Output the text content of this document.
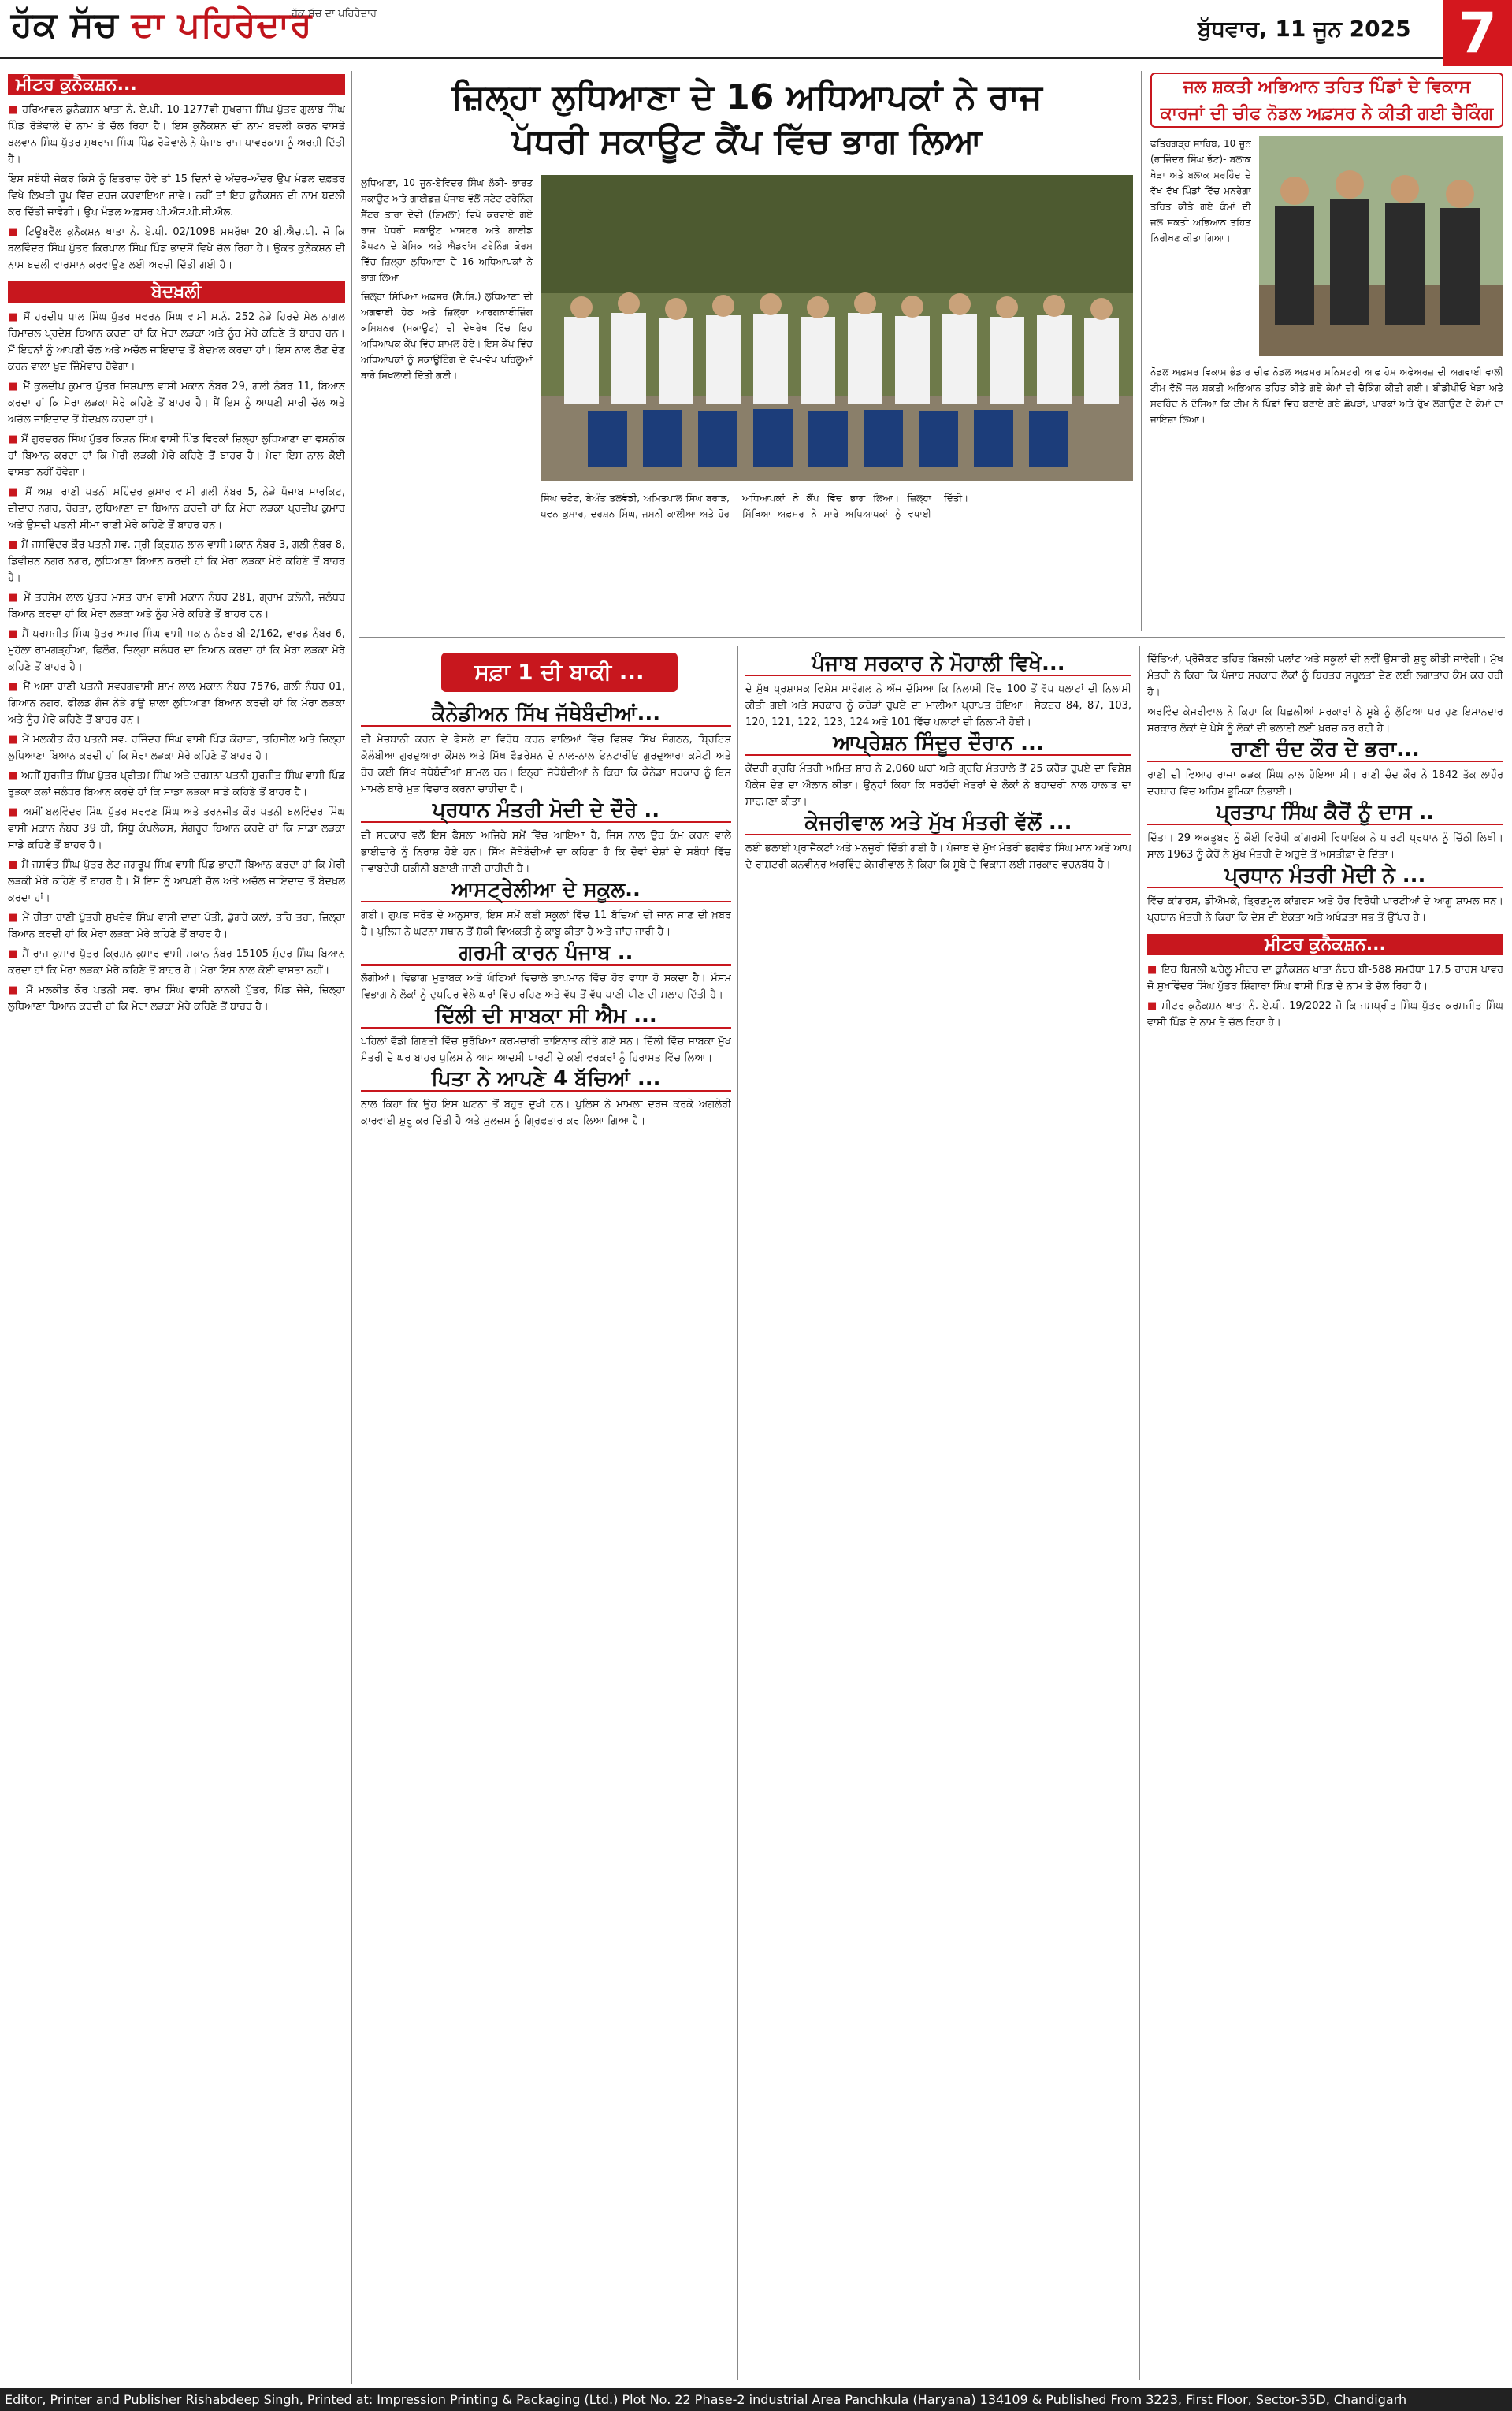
ਹੱਕ ਸੱਚ ਦਾ ਪਹਿਰੇਦਾਰ
ਹੱਕ ਸੱਚ ਦਾ ਪਹਿਰੇਦਾਰ
ਬੁੱਧਵਾਰ, 11 ਜੂਨ 2025 7
ਮੀਟਰ ਕੁਨੈਕਸ਼ਨ...

■ ਹਰਿਆਵਲ ਕੁਨੈਕਸ਼ਨ ਖਾਤਾ ਨੰ. ਏ.ਪੀ. 10-1277ਵੀ ਸੁਖਰਾਜ ਸਿੰਘ ਪੁੱਤਰ ਗੁਲਾਬ ਸਿੰਘ ਪਿੰਡ ਰੋੜੇਵਾਲੇ ਦੇ ਨਾਮ ਤੇ ਚੱਲ ਰਿਹਾ ਹੈ। ਇਸ ਕੁਨੈਕਸ਼ਨ ਦੀ ਨਾਮ ਬਦਲੀ ਕਰਨ ਵਾਸਤੇ ਬਲਵਾਨ ਸਿੰਘ ਪੁੱਤਰ ਸੁਖਰਾਜ ਸਿੰਘ ਪਿੰਡ ਰੋੜੇਵਾਲੇ ਨੇ ਪੰਜਾਬ ਰਾਜ ਪਾਵਰਕਾਮ ਨੂੰ ਅਰਜ਼ੀ ਦਿੱਤੀ ਹੈ।

ਇਸ ਸਬੰਧੀ ਜੇਕਰ ਕਿਸੇ ਨੂੰ ਇਤਰਾਜ਼ ਹੋਵੇ ਤਾਂ 15 ਦਿਨਾਂ ਦੇ ਅੰਦਰ-ਅੰਦਰ ਉਪ ਮੰਡਲ ਦਫ਼ਤਰ ਵਿਖੇ ਲਿਖਤੀ ਰੂਪ ਵਿੱਚ ਦਰਜ ਕਰਵਾਇਆ ਜਾਵੇ। ਨਹੀਂ ਤਾਂ ਇਹ ਕੁਨੈਕਸ਼ਨ ਦੀ ਨਾਮ ਬਦਲੀ ਕਰ ਦਿੱਤੀ ਜਾਵੇਗੀ। ਉਪ ਮੰਡਲ ਅਫ਼ਸਰ ਪੀ.ਐਸ.ਪੀ.ਸੀ.ਐਲ.

■ ਟਿਊਬਵੈੱਲ ਕੁਨੈਕਸ਼ਨ ਖਾਤਾ ਨੰ. ਏ.ਪੀ. 02/1098 ਸਮਰੱਥਾ 20 ਬੀ.ਐਚ.ਪੀ. ਜੋ ਕਿ ਬਲਵਿੰਦਰ ਸਿੰਘ ਪੁੱਤਰ ਕਿਰਪਾਲ ਸਿੰਘ ਪਿੰਡ ਭਾਦਸੋਂ ਵਿਖੇ ਚੱਲ ਰਿਹਾ ਹੈ। ਉਕਤ ਕੁਨੈਕਸ਼ਨ ਦੀ ਨਾਮ ਬਦਲੀ ਵਾਰਸਾਨ ਕਰਵਾਉਣ ਲਈ ਅਰਜ਼ੀ ਦਿੱਤੀ ਗਈ ਹੈ।

ਬੇਦਖ਼ਲੀ

■ ਮੈਂ ਹਰਦੀਪ ਪਾਲ ਸਿੰਘ ਪੁੱਤਰ ਸਵਰਨ ਸਿੰਘ ਵਾਸੀ ਮ.ਨੰ. 252 ਨੇੜੇ ਹਿਰਦੇ ਮੇਲ ਨਾਗਲ ਹਿਮਾਚਲ ਪ੍ਰਦੇਸ਼ ਬਿਆਨ ਕਰਦਾ ਹਾਂ ਕਿ ਮੇਰਾ ਲੜਕਾ ਅਤੇ ਨੂੰਹ ਮੇਰੇ ਕਹਿਣੇ ਤੋਂ ਬਾਹਰ ਹਨ। ਮੈਂ ਇਹਨਾਂ ਨੂੰ ਆਪਣੀ ਚੱਲ ਅਤੇ ਅਚੱਲ ਜਾਇਦਾਦ ਤੋਂ ਬੇਦਖ਼ਲ ਕਰਦਾ ਹਾਂ। ਇਸ ਨਾਲ ਲੈਣ ਦੇਣ ਕਰਨ ਵਾਲਾ ਖ਼ੁਦ ਜ਼ਿੰਮੇਵਾਰ ਹੋਵੇਗਾ।

■ ਮੈਂ ਕੁਲਦੀਪ ਕੁਮਾਰ ਪੁੱਤਰ ਸਿਸ਼ਪਾਲ ਵਾਸੀ ਮਕਾਨ ਨੰਬਰ 29, ਗਲੀ ਨੰਬਰ 11, ਬਿਆਨ ਕਰਦਾ ਹਾਂ ਕਿ ਮੇਰਾ ਲੜਕਾ ਮੇਰੇ ਕਹਿਣੇ ਤੋਂ ਬਾਹਰ ਹੈ। ਮੈਂ ਇਸ ਨੂੰ ਆਪਣੀ ਸਾਰੀ ਚੱਲ ਅਤੇ ਅਚੱਲ ਜਾਇਦਾਦ ਤੋਂ ਬੇਦਖ਼ਲ ਕਰਦਾ ਹਾਂ।

■ ਮੈਂ ਗੁਰਚਰਨ ਸਿੰਘ ਪੁੱਤਰ ਕਿਸ਼ਨ ਸਿੰਘ ਵਾਸੀ ਪਿੰਡ ਵਿਰਕਾਂ ਜ਼ਿਲ੍ਹਾ ਲੁਧਿਆਣਾ ਦਾ ਵਸਨੀਕ ਹਾਂ ਬਿਆਨ ਕਰਦਾ ਹਾਂ ਕਿ ਮੇਰੀ ਲੜਕੀ ਮੇਰੇ ਕਹਿਣੇ ਤੋਂ ਬਾਹਰ ਹੈ। ਮੇਰਾ ਇਸ ਨਾਲ ਕੋਈ ਵਾਸਤਾ ਨਹੀਂ ਹੋਵੇਗਾ।

■ ਮੈਂ ਅਸ਼ਾ ਰਾਣੀ ਪਤਨੀ ਮਹਿੰਦਰ ਕੁਮਾਰ ਵਾਸੀ ਗਲੀ ਨੰਬਰ 5, ਨੇੜੇ ਪੰਜਾਬ ਮਾਰਕਿਟ, ਦੀਦਾਰ ਨਗਰ, ਰੋਹਤਾ, ਲੁਧਿਆਣਾ ਦਾ ਬਿਆਨ ਕਰਦੀ ਹਾਂ ਕਿ ਮੇਰਾ ਲੜਕਾ ਪ੍ਰਦੀਪ ਕੁਮਾਰ ਅਤੇ ਉਸਦੀ ਪਤਨੀ ਸੀਮਾ ਰਾਣੀ ਮੇਰੇ ਕਹਿਣੇ ਤੋਂ ਬਾਹਰ ਹਨ।

■ ਮੈਂ ਜਸਵਿੰਦਰ ਕੌਰ ਪਤਨੀ ਸਵ. ਸ੍ਰੀ ਕ੍ਰਿਸ਼ਨ ਲਾਲ ਵਾਸੀ ਮਕਾਨ ਨੰਬਰ 3, ਗਲੀ ਨੰਬਰ 8, ਡਿਵੀਜ਼ਨ ਨਗਰ ਨਗਰ, ਲੁਧਿਆਣਾ ਬਿਆਨ ਕਰਦੀ ਹਾਂ ਕਿ ਮੇਰਾ ਲੜਕਾ ਮੇਰੇ ਕਹਿਣੇ ਤੋਂ ਬਾਹਰ ਹੈ।

■ ਮੈਂ ਤਰਸੇਮ ਲਾਲ ਪੁੱਤਰ ਮਸਤ ਰਾਮ ਵਾਸੀ ਮਕਾਨ ਨੰਬਰ 281, ਗ੍ਰਾਮ ਕਲੋਨੀ, ਜਲੰਧਰ ਬਿਆਨ ਕਰਦਾ ਹਾਂ ਕਿ ਮੇਰਾ ਲੜਕਾ ਅਤੇ ਨੂੰਹ ਮੇਰੇ ਕਹਿਣੇ ਤੋਂ ਬਾਹਰ ਹਨ।

■ ਮੈਂ ਪਰਮਜੀਤ ਸਿੰਘ ਪੁੱਤਰ ਅਮਰ ਸਿੰਘ ਵਾਸੀ ਮਕਾਨ ਨੰਬਰ ਬੀ-2/162, ਵਾਰਡ ਨੰਬਰ 6, ਮੁਹੱਲਾ ਰਾਮਗੜ੍ਹੀਆ, ਫਿਲੌਰ, ਜ਼ਿਲ੍ਹਾ ਜਲੰਧਰ ਦਾ ਬਿਆਨ ਕਰਦਾ ਹਾਂ ਕਿ ਮੇਰਾ ਲੜਕਾ ਮੇਰੇ ਕਹਿਣੇ ਤੋਂ ਬਾਹਰ ਹੈ।

■ ਮੈਂ ਅਸ਼ਾ ਰਾਣੀ ਪਤਨੀ ਸਵਰਗਵਾਸੀ ਸ਼ਾਮ ਲਾਲ ਮਕਾਨ ਨੰਬਰ 7576, ਗਲੀ ਨੰਬਰ 01, ਗਿਆਨ ਨਗਰ, ਫੀਲਡ ਗੰਜ ਨੇੜੇ ਗਊ ਸ਼ਾਲਾ ਲੁਧਿਆਣਾ ਬਿਆਨ ਕਰਦੀ ਹਾਂ ਕਿ ਮੇਰਾ ਲੜਕਾ ਅਤੇ ਨੂੰਹ ਮੇਰੇ ਕਹਿਣੇ ਤੋਂ ਬਾਹਰ ਹਨ।

■ ਮੈਂ ਮਲਕੀਤ ਕੌਰ ਪਤਨੀ ਸਵ. ਰਜਿੰਦਰ ਸਿੰਘ ਵਾਸੀ ਪਿੰਡ ਕੋਹਾੜਾ, ਤਹਿਸੀਲ ਅਤੇ ਜ਼ਿਲ੍ਹਾ ਲੁਧਿਆਣਾ ਬਿਆਨ ਕਰਦੀ ਹਾਂ ਕਿ ਮੇਰਾ ਲੜਕਾ ਮੇਰੇ ਕਹਿਣੇ ਤੋਂ ਬਾਹਰ ਹੈ।

■ ਅਸੀਂ ਸੁਰਜੀਤ ਸਿੰਘ ਪੁੱਤਰ ਪ੍ਰੀਤਮ ਸਿੰਘ ਅਤੇ ਦਰਸ਼ਨਾ ਪਤਨੀ ਸੁਰਜੀਤ ਸਿੰਘ ਵਾਸੀ ਪਿੰਡ ਰੁੜਕਾ ਕਲਾਂ ਜਲੰਧਰ ਬਿਆਨ ਕਰਦੇ ਹਾਂ ਕਿ ਸਾਡਾ ਲੜਕਾ ਸਾਡੇ ਕਹਿਣੇ ਤੋਂ ਬਾਹਰ ਹੈ।

■ ਅਸੀਂ ਬਲਵਿੰਦਰ ਸਿੰਘ ਪੁੱਤਰ ਸਰਵਣ ਸਿੰਘ ਅਤੇ ਤਰਨਜੀਤ ਕੌਰ ਪਤਨੀ ਬਲਵਿੰਦਰ ਸਿੰਘ ਵਾਸੀ ਮਕਾਨ ਨੰਬਰ 39 ਬੀ, ਸਿੱਧੂ ਕੰਪਲੈਕਸ, ਸੰਗਰੂਰ ਬਿਆਨ ਕਰਦੇ ਹਾਂ ਕਿ ਸਾਡਾ ਲੜਕਾ ਸਾਡੇ ਕਹਿਣੇ ਤੋਂ ਬਾਹਰ ਹੈ।

■ ਮੈਂ ਜਸਵੰਤ ਸਿੰਘ ਪੁੱਤਰ ਲੇਟ ਜਗਰੂਪ ਸਿੰਘ ਵਾਸੀ ਪਿੰਡ ਭਾਦਸੋਂ ਬਿਆਨ ਕਰਦਾ ਹਾਂ ਕਿ ਮੇਰੀ ਲੜਕੀ ਮੇਰੇ ਕਹਿਣੇ ਤੋਂ ਬਾਹਰ ਹੈ। ਮੈਂ ਇਸ ਨੂੰ ਆਪਣੀ ਚੱਲ ਅਤੇ ਅਚੱਲ ਜਾਇਦਾਦ ਤੋਂ ਬੇਦਖ਼ਲ ਕਰਦਾ ਹਾਂ।

■ ਮੈਂ ਰੀਤਾ ਰਾਣੀ ਪੁੱਤਰੀ ਸੁਖਦੇਵ ਸਿੰਘ ਵਾਸੀ ਦਾਦਾ ਪੋਤੀ, ਡੁੱਗਰੇ ਕਲਾਂ, ਤਹਿ ਤਹਾ, ਜ਼ਿਲ੍ਹਾ ਬਿਆਨ ਕਰਦੀ ਹਾਂ ਕਿ ਮੇਰਾ ਲੜਕਾ ਮੇਰੇ ਕਹਿਣੇ ਤੋਂ ਬਾਹਰ ਹੈ।

■ ਮੈਂ ਰਾਜ ਕੁਮਾਰ ਪੁੱਤਰ ਕ੍ਰਿਸ਼ਨ ਕੁਮਾਰ ਵਾਸੀ ਮਕਾਨ ਨੰਬਰ 15105 ਸੁੰਦਰ ਸਿੰਘ ਬਿਆਨ ਕਰਦਾ ਹਾਂ ਕਿ ਮੇਰਾ ਲੜਕਾ ਮੇਰੇ ਕਹਿਣੇ ਤੋਂ ਬਾਹਰ ਹੈ। ਮੇਰਾ ਇਸ ਨਾਲ ਕੋਈ ਵਾਸਤਾ ਨਹੀਂ।

■ ਮੈਂ ਮਲਕੀਤ ਕੌਰ ਪਤਨੀ ਸਵ. ਰਾਮ ਸਿੰਘ ਵਾਸੀ ਨਾਨਕੀ ਪੁੱਤਰ, ਪਿੰਡ ਜੇਜੇ, ਜ਼ਿਲ੍ਹਾ ਲੁਧਿਆਣਾ ਬਿਆਨ ਕਰਦੀ ਹਾਂ ਕਿ ਮੇਰਾ ਲੜਕਾ ਮੇਰੇ ਕਹਿਣੇ ਤੋਂ ਬਾਹਰ ਹੈ।

ਜ਼ਿਲ੍ਹਾ ਲੁਧਿਆਣਾ ਦੇ 16 ਅਧਿਆਪਕਾਂ ਨੇ ਰਾਜ
ਪੱਧਰੀ ਸਕਾਊਟ ਕੈਂਪ ਵਿੱਚ ਭਾਗ ਲਿਆ

ਲੁਧਿਆਣਾ, 10 ਜੂਨ-ਏਵਿਦਰ ਸਿੰਘ ਲੱਕੀ- ਭਾਰਤ ਸਕਾਊਟ ਅਤੇ ਗਾਈਡਜ਼ ਪੰਜਾਬ ਵੱਲੋਂ ਸਟੇਟ ਟਰੇਨਿੰਗ ਸੈਂਟਰ ਤਾਰਾ ਦੇਵੀ (ਸ਼ਿਮਲਾ) ਵਿਖੇ ਕਰਵਾਏ ਗਏ ਰਾਜ ਪੱਧਰੀ ਸਕਾਊਟ ਮਾਸਟਰ ਅਤੇ ਗਾਈਡ ਕੈਪਟਨ ਦੇ ਬੇਸਿਕ ਅਤੇ ਐਡਵਾਂਸ ਟਰੇਨਿੰਗ ਕੋਰਸ ਵਿੱਚ ਜ਼ਿਲ੍ਹਾ ਲੁਧਿਆਣਾ ਦੇ 16 ਅਧਿਆਪਕਾਂ ਨੇ ਭਾਗ ਲਿਆ।

ਜ਼ਿਲ੍ਹਾ ਸਿੱਖਿਆ ਅਫ਼ਸਰ (ਸੈ.ਸਿ.) ਲੁਧਿਆਣਾ ਦੀ ਅਗਵਾਈ ਹੇਠ ਅਤੇ ਜ਼ਿਲ੍ਹਾ ਆਰਗਨਾਈਜ਼ਿੰਗ ਕਮਿਸ਼ਨਰ (ਸਕਾਊਟ) ਦੀ ਦੇਖਰੇਖ ਵਿੱਚ ਇਹ ਅਧਿਆਪਕ ਕੈਂਪ ਵਿੱਚ ਸ਼ਾਮਲ ਹੋਏ। ਇਸ ਕੈਂਪ ਵਿੱਚ ਅਧਿਆਪਕਾਂ ਨੂੰ ਸਕਾਊਟਿੰਗ ਦੇ ਵੱਖ-ਵੱਖ ਪਹਿਲੂਆਂ ਬਾਰੇ ਸਿਖਲਾਈ ਦਿੱਤੀ ਗਈ।

ਸਿੰਘ ਚਟੋਟ, ਬੇਅੰਤ ਤਲਵੰਡੀ, ਅਮਿਤਪਾਲ ਸਿੰਘ ਬਰਾੜ, ਪਵਨ ਕੁਮਾਰ, ਦਰਸ਼ਨ ਸਿੰਘ, ਜਸਨੀ ਕਾਲੀਆ ਅਤੇ ਹੋਰ ਅਧਿਆਪਕਾਂ ਨੇ ਕੈਂਪ ਵਿੱਚ ਭਾਗ ਲਿਆ। ਜ਼ਿਲ੍ਹਾ ਸਿੱਖਿਆ ਅਫ਼ਸਰ ਨੇ ਸਾਰੇ ਅਧਿਆਪਕਾਂ ਨੂੰ ਵਧਾਈ ਦਿੱਤੀ।

ਜਲ ਸ਼ਕਤੀ ਅਭਿਆਨ ਤਹਿਤ ਪਿੰਡਾਂ ਦੇ ਵਿਕਾਸ
ਕਾਰਜਾਂ ਦੀ ਚੀਫ ਨੋਡਲ ਅਫ਼ਸਰ ਨੇ ਕੀਤੀ ਗਈ ਚੈਕਿੰਗ

ਫਤਿਹਗੜ੍ਹ ਸਾਹਿਬ, 10 ਜੂਨ (ਰਾਜਿੰਦਰ ਸਿੰਘ ਭੱਟ)- ਬਲਾਕ ਖੇੜਾ ਅਤੇ ਬਲਾਕ ਸਰਹਿੰਦ ਦੇ ਵੱਖ ਵੱਖ ਪਿੰਡਾਂ ਵਿੱਚ ਮਨਰੇਗਾ ਤਹਿਤ ਕੀਤੇ ਗਏ ਕੰਮਾਂ ਦੀ ਜਲ ਸ਼ਕਤੀ ਅਭਿਆਨ ਤਹਿਤ ਨਿਰੀਖਣ ਕੀਤਾ ਗਿਆ।

ਨੋਡਲ ਅਫ਼ਸਰ ਵਿਕਾਸ ਭੰਡਾਰ ਚੀਫ ਨੋਡਲ ਅਫ਼ਸਰ ਮਨਿਸਟਰੀ ਆਫ ਹੋਮ ਅਫੇਅਰਜ਼ ਦੀ ਅਗਵਾਈ ਵਾਲੀ ਟੀਮ ਵੱਲੋਂ ਜਲ ਸ਼ਕਤੀ ਅਭਿਆਨ ਤਹਿਤ ਕੀਤੇ ਗਏ ਕੰਮਾਂ ਦੀ ਚੈਕਿੰਗ ਕੀਤੀ ਗਈ। ਬੀਡੀਪੀਓ ਖੇੜਾ ਅਤੇ ਸਰਹਿੰਦ ਨੇ ਦੱਸਿਆ ਕਿ ਟੀਮ ਨੇ ਪਿੰਡਾਂ ਵਿੱਚ ਬਣਾਏ ਗਏ ਛੱਪੜਾਂ, ਪਾਰਕਾਂ ਅਤੇ ਰੁੱਖ ਲਗਾਉਣ ਦੇ ਕੰਮਾਂ ਦਾ ਜਾਇਜ਼ਾ ਲਿਆ।

ਸਫ਼ਾ 1 ਦੀ ਬਾਕੀ ...
ਕੈਨੇਡੀਅਨ ਸਿੱਖ ਜੱਥੇਬੰਦੀਆਂ...

ਦੀ ਮੇਜ਼ਬਾਨੀ ਕਰਨ ਦੇ ਫੈਸਲੇ ਦਾ ਵਿਰੋਧ ਕਰਨ ਵਾਲਿਆਂ ਵਿੱਚ ਵਿਸ਼ਵ ਸਿੱਖ ਸੰਗਠਨ, ਬ੍ਰਿਟਿਸ਼ ਕੋਲੰਬੀਆ ਗੁਰਦੁਆਰਾ ਕੌਂਸਲ ਅਤੇ ਸਿੱਖ ਫੈਡਰੇਸ਼ਨ ਦੇ ਨਾਲ-ਨਾਲ ਓਨਟਾਰੀਓ ਗੁਰਦੁਆਰਾ ਕਮੇਟੀ ਅਤੇ ਹੋਰ ਕਈ ਸਿੱਖ ਜੱਥੇਬੰਦੀਆਂ ਸ਼ਾਮਲ ਹਨ। ਇਨ੍ਹਾਂ ਜੱਥੇਬੰਦੀਆਂ ਨੇ ਕਿਹਾ ਕਿ ਕੈਨੇਡਾ ਸਰਕਾਰ ਨੂੰ ਇਸ ਮਾਮਲੇ ਬਾਰੇ ਮੁੜ ਵਿਚਾਰ ਕਰਨਾ ਚਾਹੀਦਾ ਹੈ।

ਪ੍ਰਧਾਨ ਮੰਤਰੀ ਮੋਦੀ ਦੇ ਦੌਰੇ ..

ਦੀ ਸਰਕਾਰ ਵਲੋਂ ਇਸ ਫੈਸਲਾ ਅਜਿਹੇ ਸਮੇਂ ਵਿੱਚ ਆਇਆ ਹੈ, ਜਿਸ ਨਾਲ ਉਹ ਕੰਮ ਕਰਨ ਵਾਲੇ ਭਾਈਚਾਰੇ ਨੂੰ ਨਿਰਾਸ਼ ਹੋਏ ਹਨ। ਸਿੱਖ ਜੱਥੇਬੰਦੀਆਂ ਦਾ ਕਹਿਣਾ ਹੈ ਕਿ ਦੋਵਾਂ ਦੇਸ਼ਾਂ ਦੇ ਸਬੰਧਾਂ ਵਿੱਚ ਜਵਾਬਦੇਹੀ ਯਕੀਨੀ ਬਣਾਈ ਜਾਣੀ ਚਾਹੀਦੀ ਹੈ।

ਆਸਟ੍ਰੇਲੀਆ ਦੇ ਸਕੂਲ..

ਗਈ। ਗੁਪਤ ਸਰੋਤ ਦੇ ਅਨੁਸਾਰ, ਇਸ ਸਮੇਂ ਕਈ ਸਕੂਲਾਂ ਵਿੱਚ 11 ਬੱਚਿਆਂ ਦੀ ਜਾਨ ਜਾਣ ਦੀ ਖ਼ਬਰ ਹੈ। ਪੁਲਿਸ ਨੇ ਘਟਨਾ ਸਥਾਨ ਤੋਂ ਸ਼ੱਕੀ ਵਿਅਕਤੀ ਨੂੰ ਕਾਬੂ ਕੀਤਾ ਹੈ ਅਤੇ ਜਾਂਚ ਜਾਰੀ ਹੈ।

ਗਰਮੀ ਕਾਰਨ ਪੰਜਾਬ ..

ਲੱਗੀਆਂ। ਵਿਭਾਗ ਮੁਤਾਬਕ ਅਤੇ ਘੰਟਿਆਂ ਵਿਚਾਲੇ ਤਾਪਮਾਨ ਵਿੱਚ ਹੋਰ ਵਾਧਾ ਹੋ ਸਕਦਾ ਹੈ। ਮੌਸਮ ਵਿਭਾਗ ਨੇ ਲੋਕਾਂ ਨੂੰ ਦੁਪਹਿਰ ਵੇਲੇ ਘਰਾਂ ਵਿੱਚ ਰਹਿਣ ਅਤੇ ਵੱਧ ਤੋਂ ਵੱਧ ਪਾਣੀ ਪੀਣ ਦੀ ਸਲਾਹ ਦਿੱਤੀ ਹੈ।

ਦਿੱਲੀ ਦੀ ਸਾਬਕਾ ਸੀ ਐਮ ...

ਪਹਿਲਾਂ ਵੱਡੀ ਗਿਣਤੀ ਵਿੱਚ ਸੁਰੱਖਿਆ ਕਰਮਚਾਰੀ ਤਾਇਨਾਤ ਕੀਤੇ ਗਏ ਸਨ। ਦਿੱਲੀ ਵਿੱਚ ਸਾਬਕਾ ਮੁੱਖ ਮੰਤਰੀ ਦੇ ਘਰ ਬਾਹਰ ਪੁਲਿਸ ਨੇ ਆਮ ਆਦਮੀ ਪਾਰਟੀ ਦੇ ਕਈ ਵਰਕਰਾਂ ਨੂੰ ਹਿਰਾਸਤ ਵਿੱਚ ਲਿਆ।

ਪਿਤਾ ਨੇ ਆਪਣੇ 4 ਬੱਚਿਆਂ ...

ਨਾਲ ਕਿਹਾ ਕਿ ਉਹ ਇਸ ਘਟਨਾ ਤੋਂ ਬਹੁਤ ਦੁਖੀ ਹਨ। ਪੁਲਿਸ ਨੇ ਮਾਮਲਾ ਦਰਜ ਕਰਕੇ ਅਗਲੇਰੀ ਕਾਰਵਾਈ ਸ਼ੁਰੂ ਕਰ ਦਿੱਤੀ ਹੈ ਅਤੇ ਮੁਲਜ਼ਮ ਨੂੰ ਗ੍ਰਿਫ਼ਤਾਰ ਕਰ ਲਿਆ ਗਿਆ ਹੈ।

ਪੰਜਾਬ ਸਰਕਾਰ ਨੇ ਮੋਹਾਲੀ ਵਿਖੇ...

ਦੇ ਮੁੱਖ ਪ੍ਰਸ਼ਾਸਕ ਵਿਸ਼ੇਸ਼ ਸਾਰੰਗਲ ਨੇ ਅੱਜ ਦੱਸਿਆ ਕਿ ਨਿਲਾਮੀ ਵਿੱਚ 100 ਤੋਂ ਵੱਧ ਪਲਾਟਾਂ ਦੀ ਨਿਲਾਮੀ ਕੀਤੀ ਗਈ ਅਤੇ ਸਰਕਾਰ ਨੂੰ ਕਰੋੜਾਂ ਰੁਪਏ ਦਾ ਮਾਲੀਆ ਪ੍ਰਾਪਤ ਹੋਇਆ। ਸੈਕਟਰ 84, 87, 103, 120, 121, 122, 123, 124 ਅਤੇ 101 ਵਿੱਚ ਪਲਾਟਾਂ ਦੀ ਨਿਲਾਮੀ ਹੋਈ।

ਆਪ੍ਰੇਸ਼ਨ ਸਿੰਦੂਰ ਦੌਰਾਨ ...

ਕੇਂਦਰੀ ਗ੍ਰਹਿ ਮੰਤਰੀ ਅਮਿਤ ਸ਼ਾਹ ਨੇ 2,060 ਘਰਾਂ ਅਤੇ ਗ੍ਰਹਿ ਮੰਤਰਾਲੇ ਤੋਂ 25 ਕਰੋੜ ਰੁਪਏ ਦਾ ਵਿਸ਼ੇਸ਼ ਪੈਕੇਜ ਦੇਣ ਦਾ ਐਲਾਨ ਕੀਤਾ। ਉਨ੍ਹਾਂ ਕਿਹਾ ਕਿ ਸਰਹੱਦੀ ਖੇਤਰਾਂ ਦੇ ਲੋਕਾਂ ਨੇ ਬਹਾਦਰੀ ਨਾਲ ਹਾਲਾਤ ਦਾ ਸਾਹਮਣਾ ਕੀਤਾ।

ਕੇਜਰੀਵਾਲ ਅਤੇ ਮੁੱਖ ਮੰਤਰੀ ਵੱਲੋਂ ...

ਲਈ ਭਲਾਈ ਪ੍ਰਾਜੈਕਟਾਂ ਅਤੇ ਮਨਜ਼ੂਰੀ ਦਿੱਤੀ ਗਈ ਹੈ। ਪੰਜਾਬ ਦੇ ਮੁੱਖ ਮੰਤਰੀ ਭਗਵੰਤ ਸਿੰਘ ਮਾਨ ਅਤੇ ਆਪ ਦੇ ਰਾਸ਼ਟਰੀ ਕਨਵੀਨਰ ਅਰਵਿੰਦ ਕੇਜਰੀਵਾਲ ਨੇ ਕਿਹਾ ਕਿ ਸੂਬੇ ਦੇ ਵਿਕਾਸ ਲਈ ਸਰਕਾਰ ਵਚਨਬੱਧ ਹੈ।

ਦਿੱਤਿਆਂ, ਪ੍ਰੋਜੈਕਟ ਤਹਿਤ ਬਿਜਲੀ ਪਲਾਂਟ ਅਤੇ ਸਕੂਲਾਂ ਦੀ ਨਵੀਂ ਉਸਾਰੀ ਸ਼ੁਰੂ ਕੀਤੀ ਜਾਵੇਗੀ। ਮੁੱਖ ਮੰਤਰੀ ਨੇ ਕਿਹਾ ਕਿ ਪੰਜਾਬ ਸਰਕਾਰ ਲੋਕਾਂ ਨੂੰ ਬਿਹਤਰ ਸਹੂਲਤਾਂ ਦੇਣ ਲਈ ਲਗਾਤਾਰ ਕੰਮ ਕਰ ਰਹੀ ਹੈ।

ਅਰਵਿੰਦ ਕੇਜਰੀਵਾਲ ਨੇ ਕਿਹਾ ਕਿ ਪਿਛਲੀਆਂ ਸਰਕਾਰਾਂ ਨੇ ਸੂਬੇ ਨੂੰ ਲੁੱਟਿਆ ਪਰ ਹੁਣ ਇਮਾਨਦਾਰ ਸਰਕਾਰ ਲੋਕਾਂ ਦੇ ਪੈਸੇ ਨੂੰ ਲੋਕਾਂ ਦੀ ਭਲਾਈ ਲਈ ਖ਼ਰਚ ਕਰ ਰਹੀ ਹੈ।

ਰਾਣੀ ਚੰਦ ਕੌਰ ਦੇ ਭਰਾ...

ਰਾਣੀ ਦੀ ਵਿਆਹ ਰਾਜਾ ਕੜਕ ਸਿੰਘ ਨਾਲ ਹੋਇਆ ਸੀ। ਰਾਣੀ ਚੰਦ ਕੌਰ ਨੇ 1842 ਤੱਕ ਲਾਹੌਰ ਦਰਬਾਰ ਵਿੱਚ ਅਹਿਮ ਭੂਮਿਕਾ ਨਿਭਾਈ।

ਪ੍ਰਤਾਪ ਸਿੰਘ ਕੈਰੋਂ ਨੂੰ ਦਾਸ ..

ਦਿੱਤਾ। 29 ਅਕਤੂਬਰ ਨੂੰ ਕੋਈ ਵਿਰੋਧੀ ਕਾਂਗਰਸੀ ਵਿਧਾਇਕ ਨੇ ਪਾਰਟੀ ਪ੍ਰਧਾਨ ਨੂੰ ਚਿੱਠੀ ਲਿਖੀ। ਸਾਲ 1963 ਨੂੰ ਕੈਰੋਂ ਨੇ ਮੁੱਖ ਮੰਤਰੀ ਦੇ ਅਹੁਦੇ ਤੋਂ ਅਸਤੀਫ਼ਾ ਦੇ ਦਿੱਤਾ।

ਪ੍ਰਧਾਨ ਮੰਤਰੀ ਮੋਦੀ ਨੇ ...

ਵਿੱਚ ਕਾਂਗਰਸ, ਡੀਐਮਕੇ, ਤ੍ਰਿਣਮੂਲ ਕਾਂਗਰਸ ਅਤੇ ਹੋਰ ਵਿਰੋਧੀ ਪਾਰਟੀਆਂ ਦੇ ਆਗੂ ਸ਼ਾਮਲ ਸਨ। ਪ੍ਰਧਾਨ ਮੰਤਰੀ ਨੇ ਕਿਹਾ ਕਿ ਦੇਸ਼ ਦੀ ਏਕਤਾ ਅਤੇ ਅਖੰਡਤਾ ਸਭ ਤੋਂ ਉੱਪਰ ਹੈ।

ਮੀਟਰ ਕੁਨੈਕਸ਼ਨ...

■ ਇਹ ਬਿਜਲੀ ਘਰੇਲੂ ਮੀਟਰ ਦਾ ਕੁਨੈਕਸ਼ਨ ਖਾਤਾ ਨੰਬਰ ਬੀ-588 ਸਮਰੱਥਾ 17.5 ਹਾਰਸ ਪਾਵਰ ਜੋ ਸੁਖਵਿੰਦਰ ਸਿੰਘ ਪੁੱਤਰ ਸ਼ਿੰਗਾਰਾ ਸਿੰਘ ਵਾਸੀ ਪਿੰਡ ਦੇ ਨਾਮ ਤੇ ਚੱਲ ਰਿਹਾ ਹੈ।

■ ਮੀਟਰ ਕੁਨੈਕਸ਼ਨ ਖਾਤਾ ਨੰ. ਏ.ਪੀ. 19/2022 ਜੋ ਕਿ ਜਸਪ੍ਰੀਤ ਸਿੰਘ ਪੁੱਤਰ ਕਰਮਜੀਤ ਸਿੰਘ ਵਾਸੀ ਪਿੰਡ ਦੇ ਨਾਮ ਤੇ ਚੱਲ ਰਿਹਾ ਹੈ।

Editor, Printer and Publisher Rishabdeep Singh, Printed at: Impression Printing & Packaging (Ltd.) Plot No. 22 Phase-2 industrial Area Panchkula (Haryana) 134109 & Published From 3223, First Floor, Sector-35D, Chandigarh
